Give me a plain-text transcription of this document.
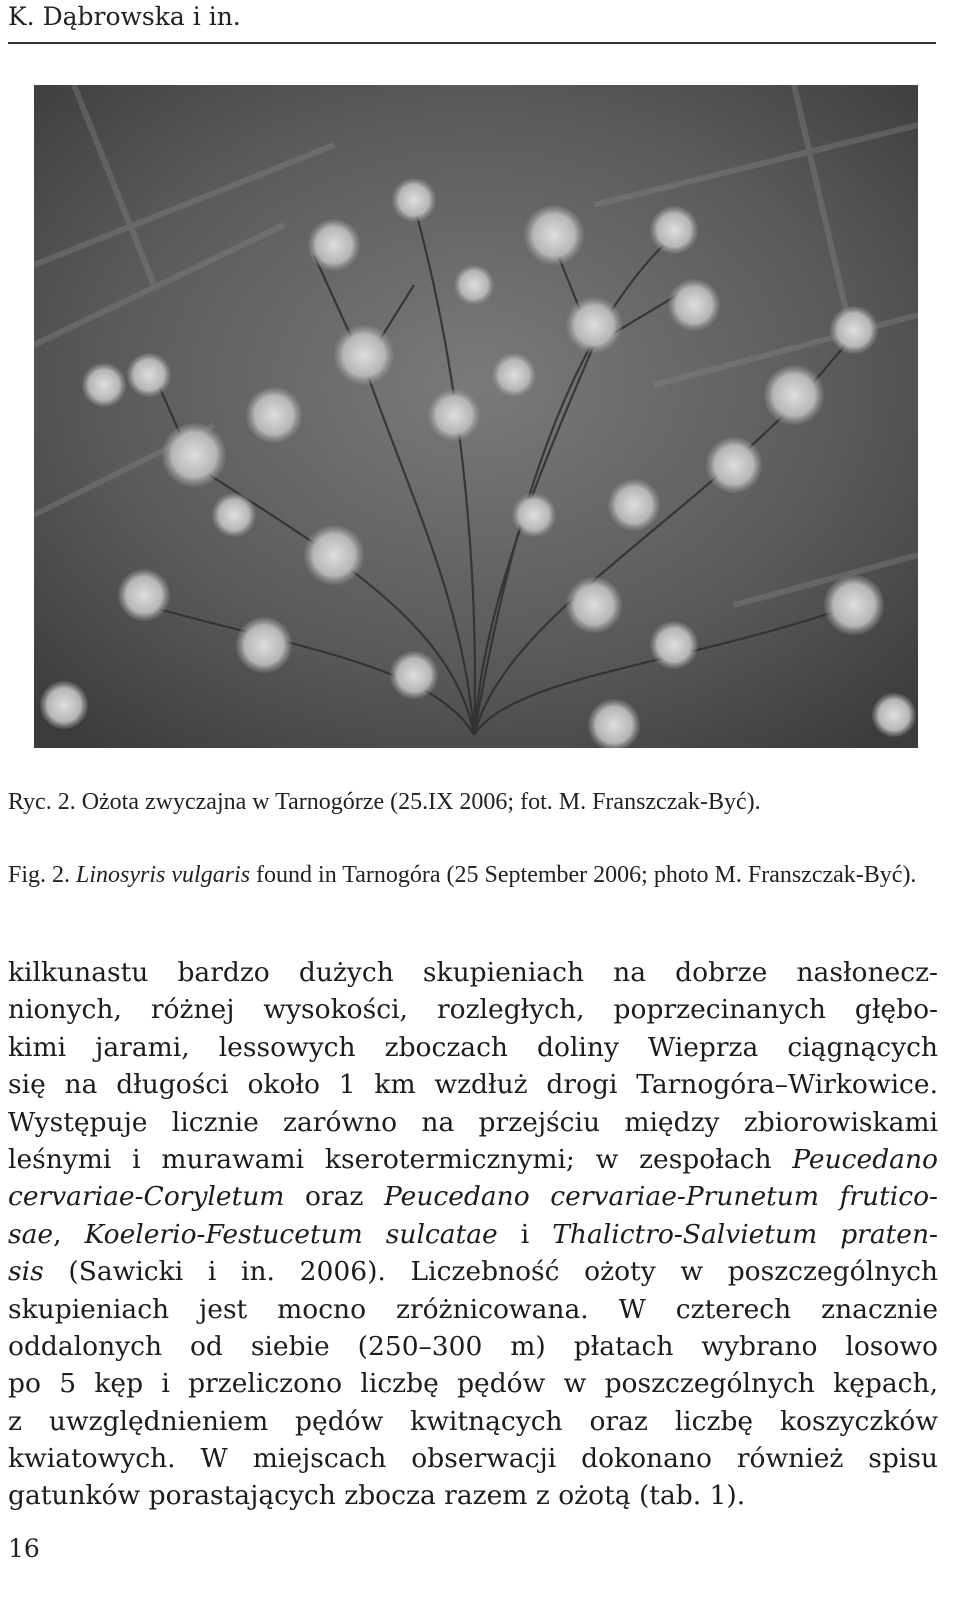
K. Dąbrowska i in.
Ryc. 2. Ożota zwyczajna w Tarnogórze (25.IX 2006; fot. M. Franszczak-Być).
Fig. 2. Linosyris vulgaris found in Tarnogóra (25 September 2006; photo M. Franszczak-Być).
kilkunastu bardzo dużych skupieniach na dobrze nasłonecz-
nionych, różnej wysokości, rozległych, poprzecinanych głębo-
kimi jarami, lessowych zboczach doliny Wieprza ciągnących
się na długości około 1 km wzdłuż drogi Tarnogóra–Wirkowice.
Występuje licznie zarówno na przejściu między zbiorowiskami
leśnymi i murawami kserotermicznymi; w zespołach Peucedano
cervariae-Coryletum oraz Peucedano cervariae-Prunetum frutico-
sae, Koelerio-Festucetum sulcatae i Thalictro-Salvietum praten-
sis (Sawicki i in. 2006). Liczebność ożoty w poszczególnych
skupieniach jest mocno zróżnicowana. W czterech znacznie
oddalonych od siebie (250–300 m) płatach wybrano losowo
po 5 kęp i przeliczono liczbę pędów w poszczególnych kępach,
z uwzględnieniem pędów kwitnących oraz liczbę koszyczków
kwiatowych. W miejscach obserwacji dokonano również spisu
gatunków porastających zbocza razem z ożotą (tab. 1).
16
